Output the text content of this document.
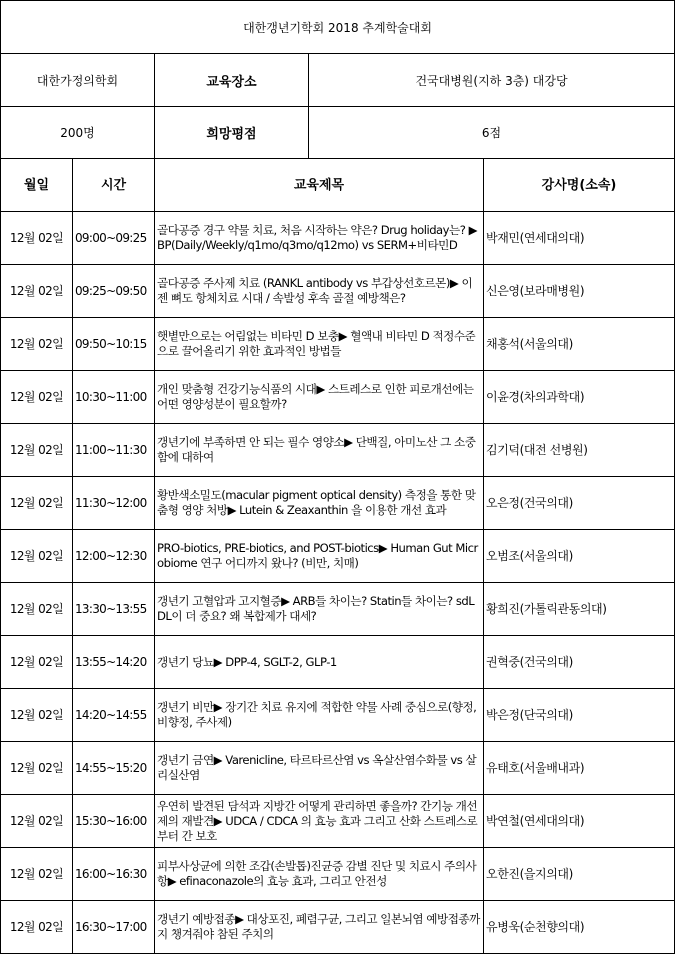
대한갱년기학회 2018 추계학술대회		
대한가정의학회	교육장소	건국대병원(지하 3층) 대강당
200명	희망평점	6점
월일	시간	교육제목	강사명(소속)
12월 02일	09:00~09:25	골다공증 경구 약물 치료, 처음 시작하는 약은? Drug holiday는? ▶ BP(Daily/Weekly/q1mo/q3mo/q12mo) vs SERM+비타민D	박재민(연세대의대)
12월 02일	09:25~09:50	골다공증 주사제 치료 (RANKL antibody vs 부갑상선호르몬)▶ 이젠 뼈도 항체치료 시대 / 속발성 후속 골절 예방책은?	신은영(보라매병원)
12월 02일	09:50~10:15	햇볕만으로는 어림없는 비타민 D 보충▶ 혈액내 비타민 D 적정수준으로 끌어올리기 위한 효과적인 방법들	채홍석(서울의대)
12월 02일	10:30~11:00	개인 맞춤형 건강기능식품의 시대▶ 스트레스로 인한 피로개선에는 어떤 영양성분이 필요할까?	이윤경(차의과학대)
12월 02일	11:00~11:30	갱년기에 부족하면 안 되는 필수 영양소▶ 단백질, 아미노산 그 소중함에 대하여	김기덕(대전 선병원)
12월 02일	11:30~12:00	황반색소밀도(macular pigment optical density) 측정을 통한 맞춤형 영양 처방▶ Lutein & Zeaxanthin 을 이용한 개선 효과	오은정(건국의대)
12월 02일	12:00~12:30	PRO-biotics, PRE-biotics, and POST-biotics▶ Human Gut Microbiome 연구 어디까지 왔나? (비만, 치매)	오범조(서울의대)
12월 02일	13:30~13:55	갱년기 고혈압과 고지혈증▶ ARB들 차이는? Statin들 차이는? sdLDL이 더 중요? 왜 복합제가 대세?	황희진(가톨릭관동의대)
12월 02일	13:55~14:20	갱년기 당뇨▶ DPP-4, SGLT-2, GLP-1	권혁중(건국의대)
12월 02일	14:20~14:55	갱년기 비만▶ 장기간 치료 유지에 적합한 약물 사례 중심으로(향정, 비향정, 주사제)	박은정(단국의대)
12월 02일	14:55~15:20	갱년기 금연▶ Varenicline, 타르타르산염 vs 옥살산염수화물 vs 살리실산염	유태호(서울배내과)
12월 02일	15:30~16:00	우연히 발견된 담석과 지방간 어떻게 관리하면 좋을까? 간기능 개선제의 재발견▶ UDCA / CDCA 의 효능 효과 그리고 산화 스트레스로부터 간 보호	박연철(연세대의대)
12월 02일	16:00~16:30	피부사상균에 의한 조갑(손발톱)진균증 감별 진단 및 치료시 주의사항▶ efinaconazole의 효능 효과, 그리고 안전성	오한진(을지의대)
12월 02일	16:30~17:00	갱년기 예방접종▶ 대상포진, 폐렴구균, 그리고 일본뇌염 예방접종까지 챙겨줘야 참된 주치의	유병욱(순천향의대)
